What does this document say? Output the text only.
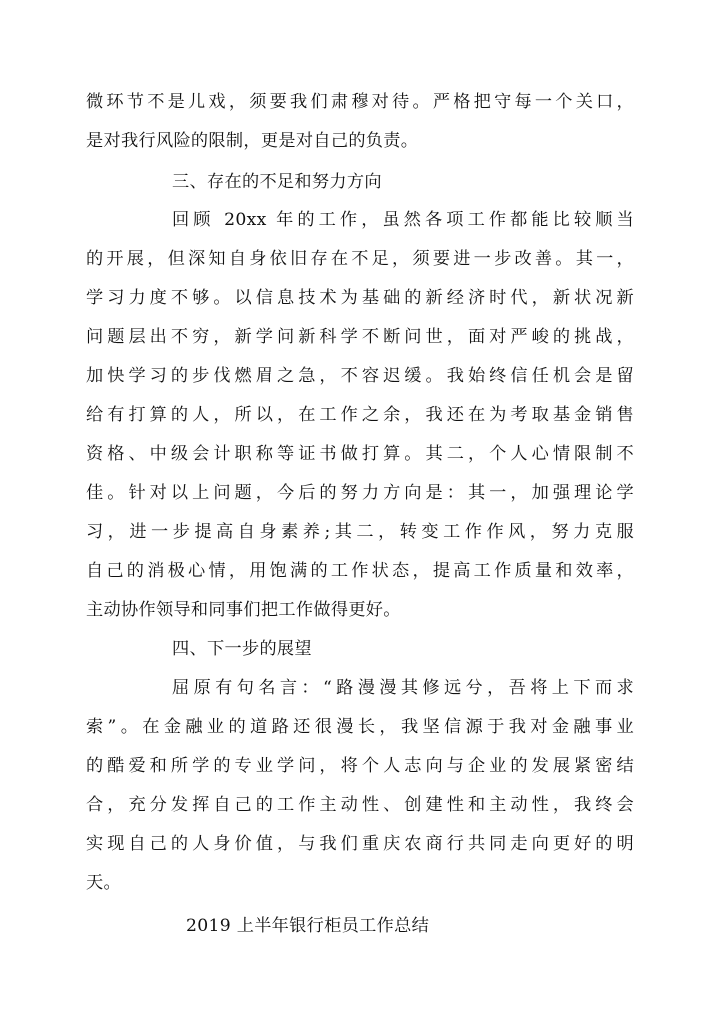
微环节不是儿戏，须要我们肃穆对待。严格把守每一个关口，

是对我行风险的限制，更是对自己的负责。

三、存在的不足和努力方向

回顾 20xx 年的工作，虽然各项工作都能比较顺当

的开展，但深知自身依旧存在不足，须要进一步改善。其一，

学习力度不够。以信息技术为基础的新经济时代，新状况新

问题层出不穷，新学问新科学不断问世，面对严峻的挑战，

加快学习的步伐燃眉之急，不容迟缓。我始终信任机会是留

给有打算的人，所以，在工作之余，我还在为考取基金销售

资格、中级会计职称等证书做打算。其二，个人心情限制不

佳。针对以上问题，今后的努力方向是：其一，加强理论学

习，进一步提高自身素养;其二，转变工作作风，努力克服

自己的消极心情，用饱满的工作状态，提高工作质量和效率，

主动协作领导和同事们把工作做得更好。

四、下一步的展望

屈原有句名言：“路漫漫其修远兮，吾将上下而求

索”。在金融业的道路还很漫长，我坚信源于我对金融事业

的酷爱和所学的专业学问，将个人志向与企业的发展紧密结

合，充分发挥自己的工作主动性、创建性和主动性，我终会

实现自己的人身价值，与我们重庆农商行共同走向更好的明

天。

2019 上半年银行柜员工作总结
